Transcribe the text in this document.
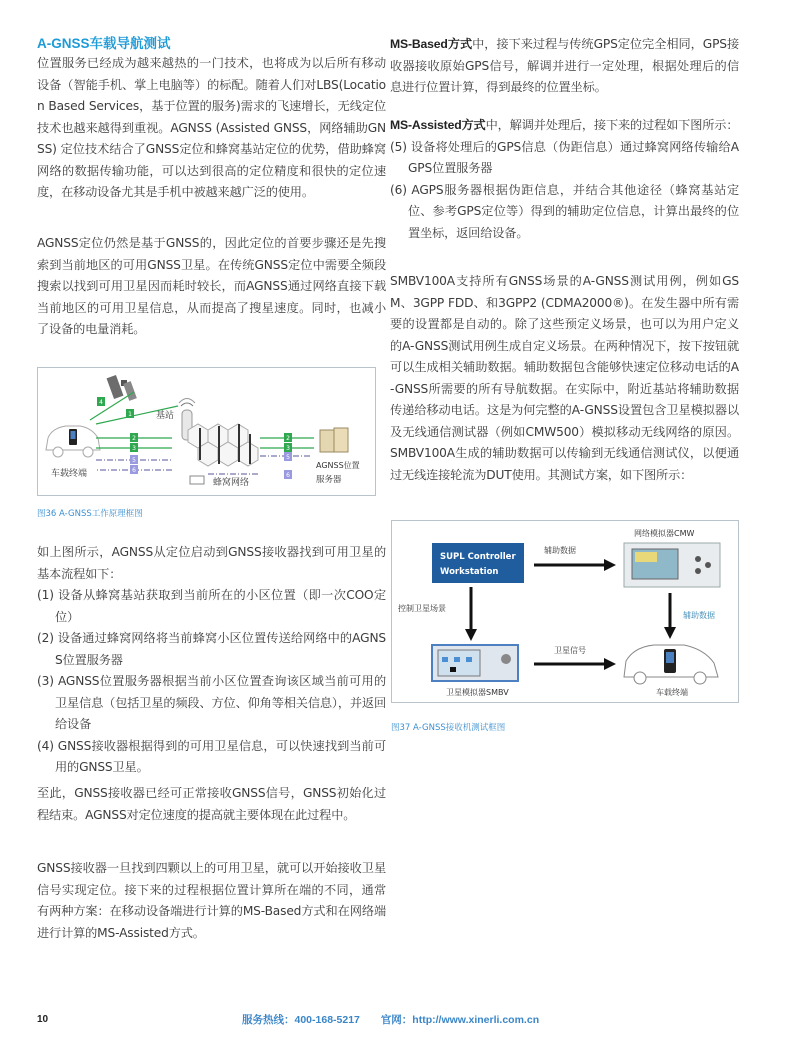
A-GNSS车载导航测试

位置服务已经成为越来越热的一门技术，也将成为以后所有移动设备（智能手机、掌上电脑等）的标配。随着人们对LBS(Location Based Services，基于位置的服务)需求的飞速增长，无线定位技术也越来越得到重视。AGNSS (Assisted GNSS，网络辅助GNSS) 定位技术结合了GNSS定位和蜂窝基站定位的优势，借助蜂窝网络的数据传输功能，可以达到很高的定位精度和很快的定位速度，在移动设备尤其是手机中被越来越广泛的使用。

AGNSS定位仍然是基于GNSS的，因此定位的首要步骤还是先搜索到当前地区的可用GNSS卫星。在传统GNSS定位中需要全频段搜索以找到可用卫星因而耗时较长，而AGNSS通过网络直接下载当前地区的可用卫星信息，从而提高了搜星速度。同时，也减小了设备的电量消耗。

基站
蜂窝网络
车载终端
AGNSS位置
服务器
4
1
2
3
5
6
2
3
5
6
图36 A-GNSS工作原理框图

如上图所示，AGNSS从定位启动到GNSS接收器找到可用卫星的基本流程如下：

(1) 设备从蜂窝基站获取到当前所在的小区位置（即一次COO定位）
(2) 设备通过蜂窝网络将当前蜂窝小区位置传送给网络中的AGNSS位置服务器
(3) AGNSS位置服务器根据当前小区位置查询该区域当前可用的卫星信息（包括卫星的频段、方位、仰角等相关信息），并返回给设备
(4) GNSS接收器根据得到的可用卫星信息，可以快速找到当前可用的GNSS卫星。

至此，GNSS接收器已经可正常接收GNSS信号，GNSS初始化过程结束。AGNSS对定位速度的提高就主要体现在此过程中。

GNSS接收器一旦找到四颗以上的可用卫星，就可以开始接收卫星信号实现定位。接下来的过程根据位置计算所在端的不同，通常有两种方案：在移动设备端进行计算的MS-Based方式和在网络端进行计算的MS-Assisted方式。

MS-Based方式中，接下来过程与传统GPS定位完全相同，GPS接收器接收原始GPS信号，解调并进行一定处理，根据处理后的信息进行位置计算，得到最终的位置坐标。

MS-Assisted方式中，解调并处理后，接下来的过程如下图所示：

(5) 设备将处理后的GPS信息（伪距信息）通过蜂窝网络传输给AGPS位置服务器
(6) AGPS服务器根据伪距信息，并结合其他途径（蜂窝基站定位、参考GPS定位等）得到的辅助定位信息，计算出最终的位置坐标，返回给设备。

SMBV100A支持所有GNSS场景的A-GNSS测试用例，例如GSM、3GPP FDD、和3GPP2 (CDMA2000®)。在发生器中所有需要的设置都是自动的。除了这些预定义场景，也可以为用户定义的A-GNSS测试用例生成自定义场景。在两种情况下，按下按钮就可以生成相关辅助数据。辅助数据包含能够快速定位移动电话的A-GNSS所需要的所有导航数据。在实际中，附近基站将辅助数据传递给移动电话。这是为何完整的A-GNSS设置包含卫星模拟器以及无线通信测试器（例如CMW500）模拟移动无线网络的原因。SMBV100A生成的辅助数据可以传输到无线通信测试仪，以便通过无线连接轮流为DUT使用。其测试方案，如下图所示：

SUPL Controller
Workstation
辅助数据
网络模拟器CMW
辅助数据
控制卫星场景
卫星模拟器SMBV
卫星信号
车载终端
图37 A-GNSS接收机测试框图
10	服务热线：400-168-5217 官网：http://www.xinerli.com.cn
